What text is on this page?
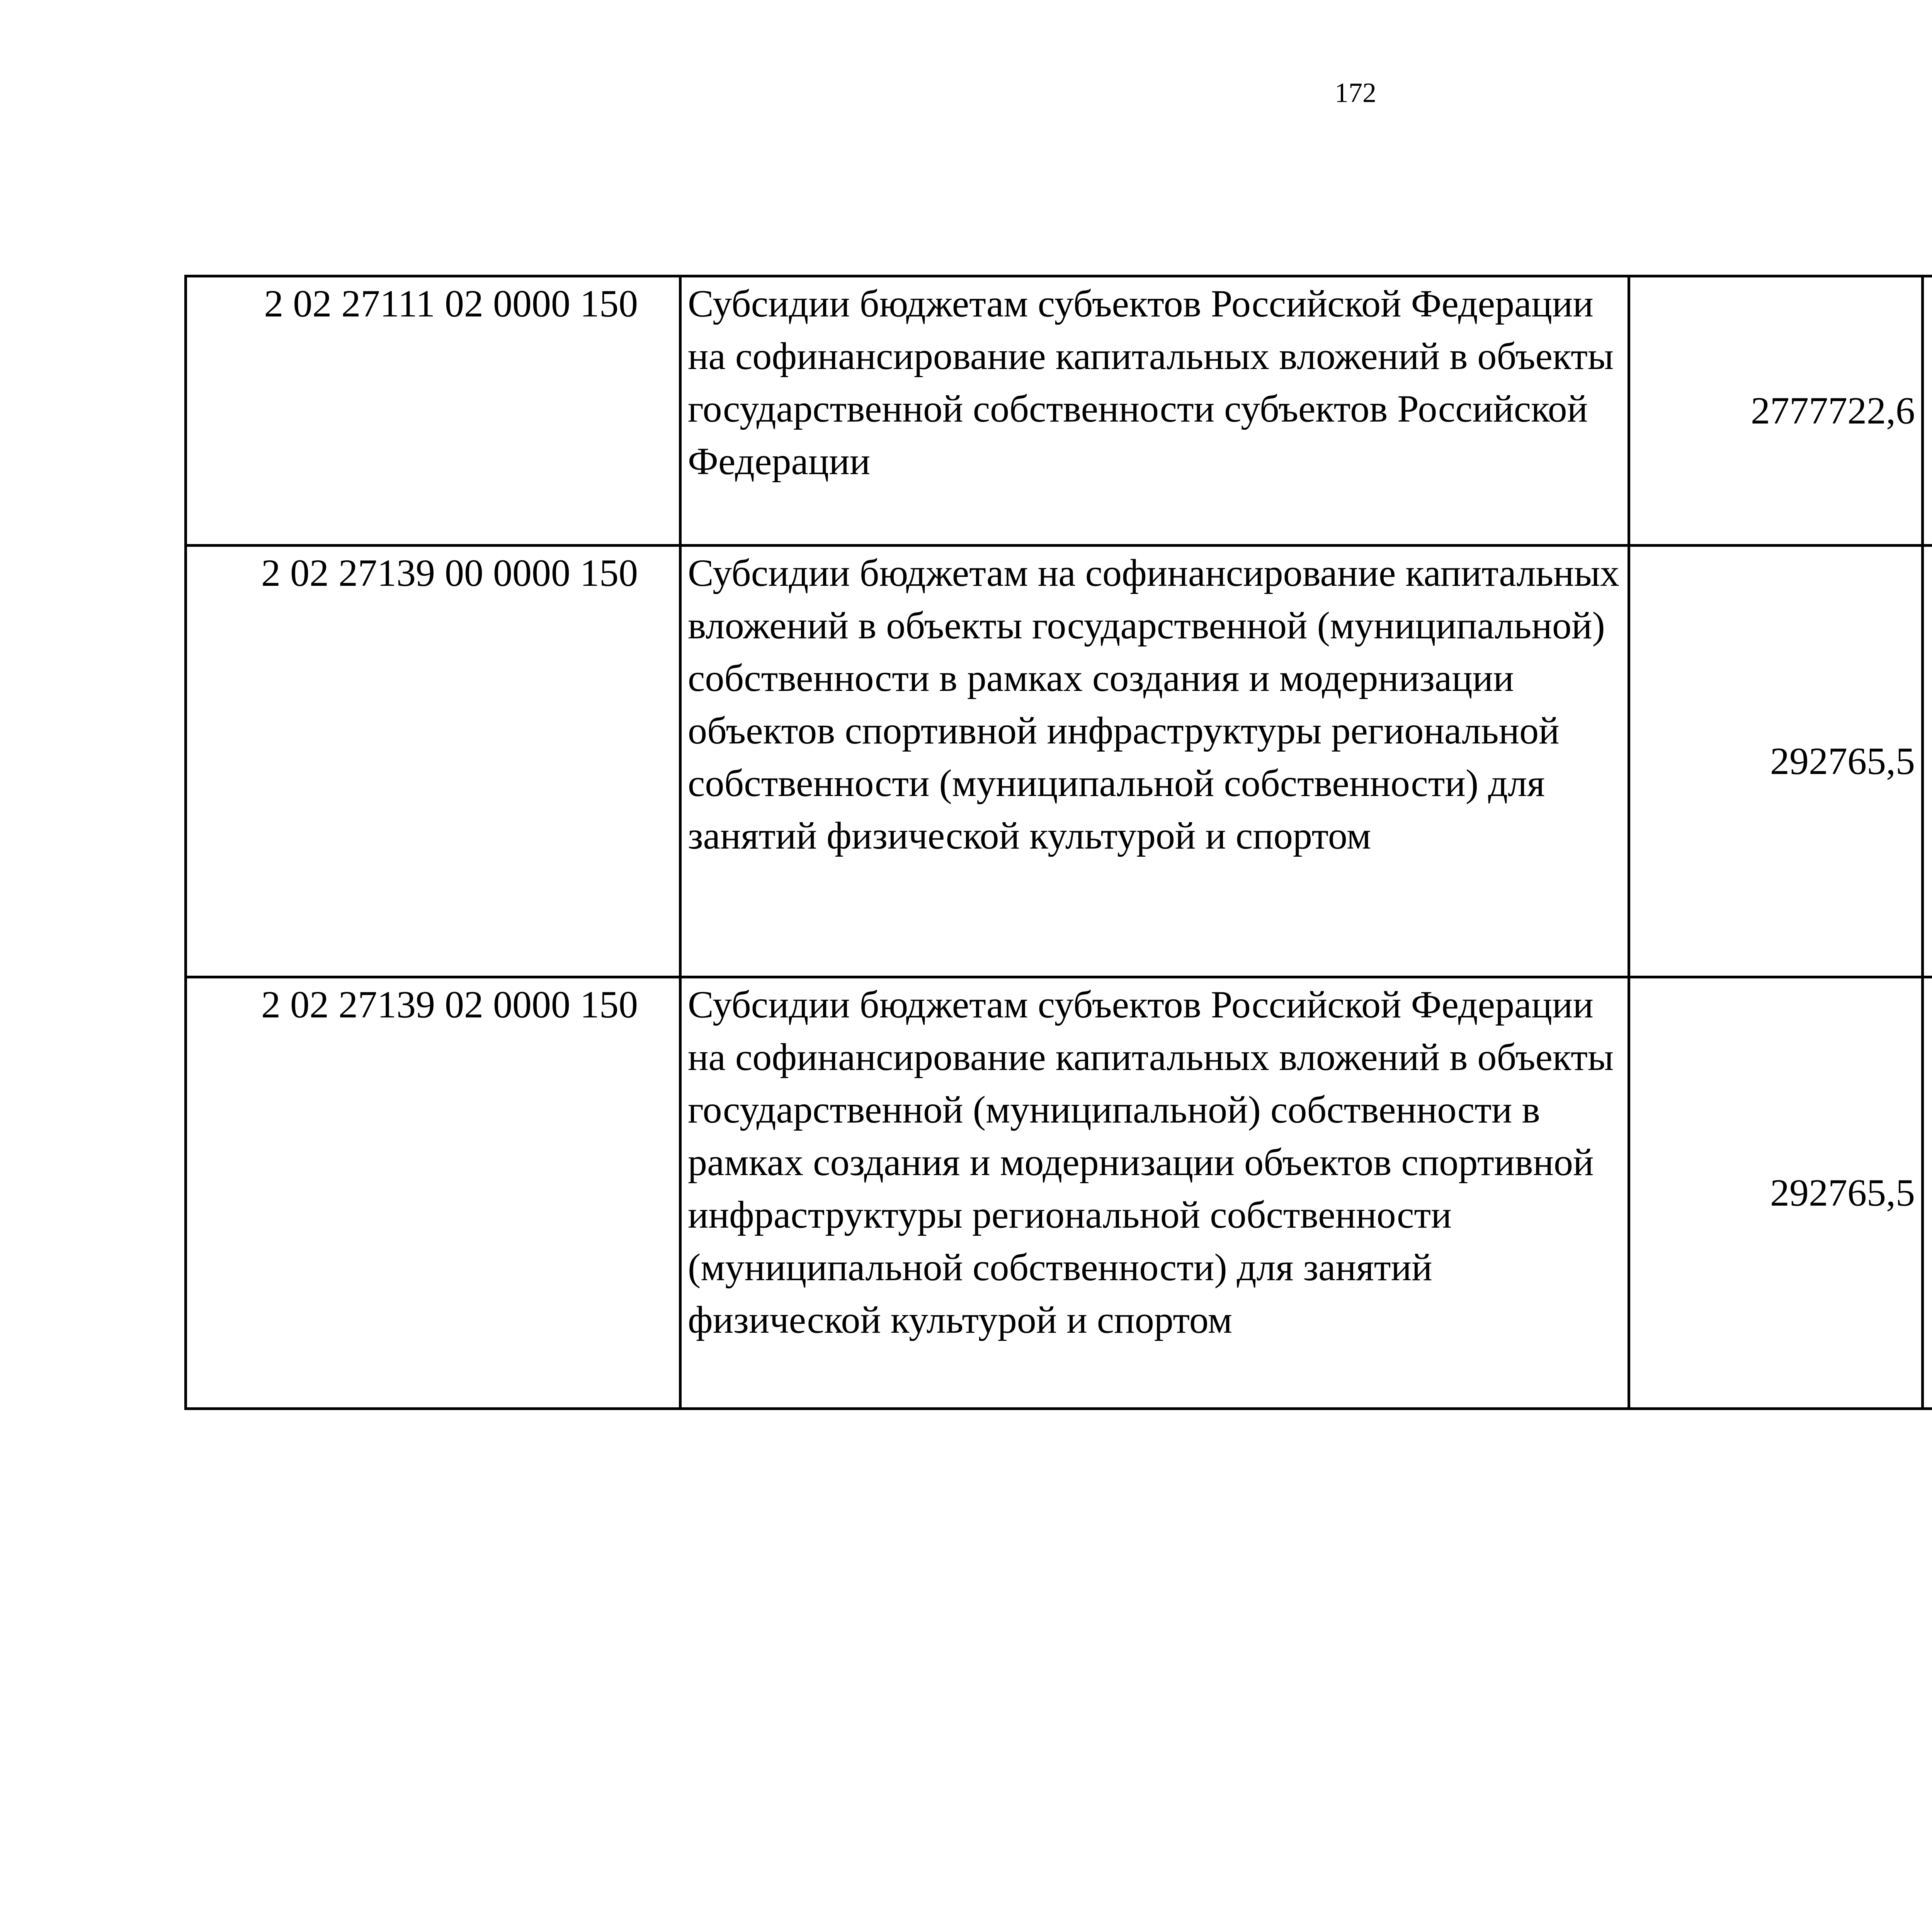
172
2 02 27111 02 0000 150	Субсидии бюджетам субъектов Российской Федерации на софинансирование капитальных вложений в объекты государственной собственности субъектов Российской Федерации	2777722,6		
2 02 27139 00 0000 150	Субсидии бюджетам на софинансирование капитальных вложений в объекты государственной (муниципальной) собственности в рамках создания и модернизации объектов спортивной инфраструктуры региональной собственности (муниципальной собственности) для занятий физической культурой и спортом	292765,5		
2 02 27139 02 0000 150	Субсидии бюджетам субъектов Российской Федерации на софинансирование капитальных вложений в объекты государственной (муниципальной) собственности в рамках создания и модернизации объектов спортивной инфраструктуры региональной собственности (муниципальной собственности) для занятий физической культурой и спортом	292765,5		
